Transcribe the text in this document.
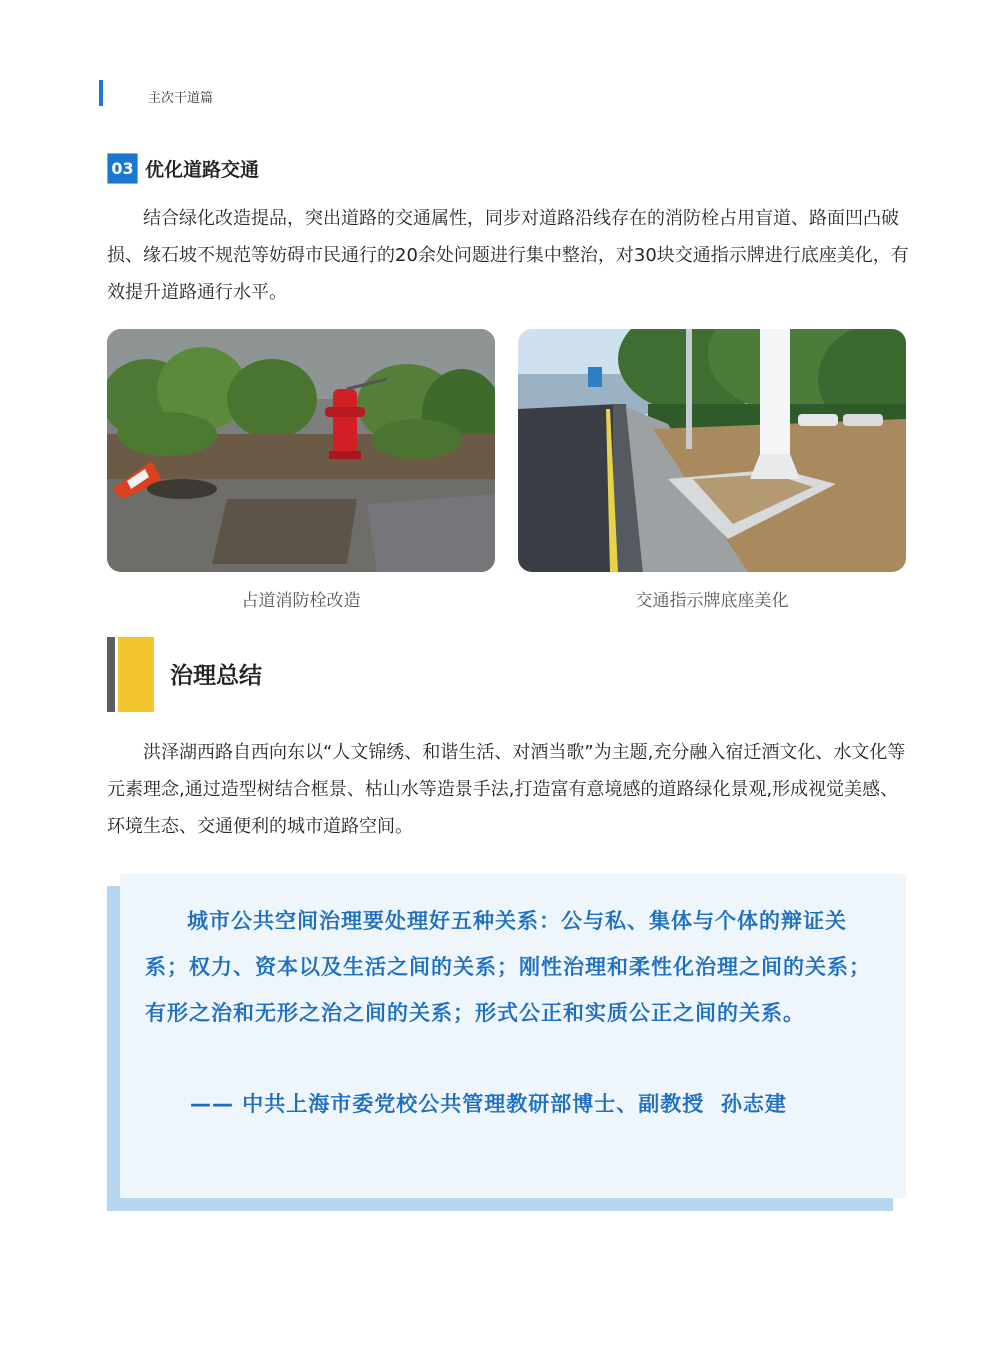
主次干道篇
03 优化道路交通
结合绿化改造提品，突出道路的交通属性，同步对道路沿线存在的消防栓占用盲道、路面凹凸破损、缘石坡不规范等妨碍市民通行的20余处问题进行集中整治，对30块交通指示牌进行底座美化，有效提升道路通行水平。
占道消防栓改造	交通指示牌底座美化
治理总结
洪泽湖西路自西向东以“人文锦绣、和谐生活、对酒当歌”为主题,充分融入宿迁酒文化、水文化等元素理念,通过造型树结合框景、枯山水等造景手法,打造富有意境感的道路绿化景观,形成视觉美感、环境生态、交通便利的城市道路空间。
城市公共空间治理要处理好五种关系：公与私、集体与个体的辩证关系；权力、资本以及生活之间的关系；刚性治理和柔性化治理之间的关系；有形之治和无形之治之间的关系；形式公正和实质公正之间的关系。
—— 中共上海市委党校公共管理教研部博士、副教授  孙志建
